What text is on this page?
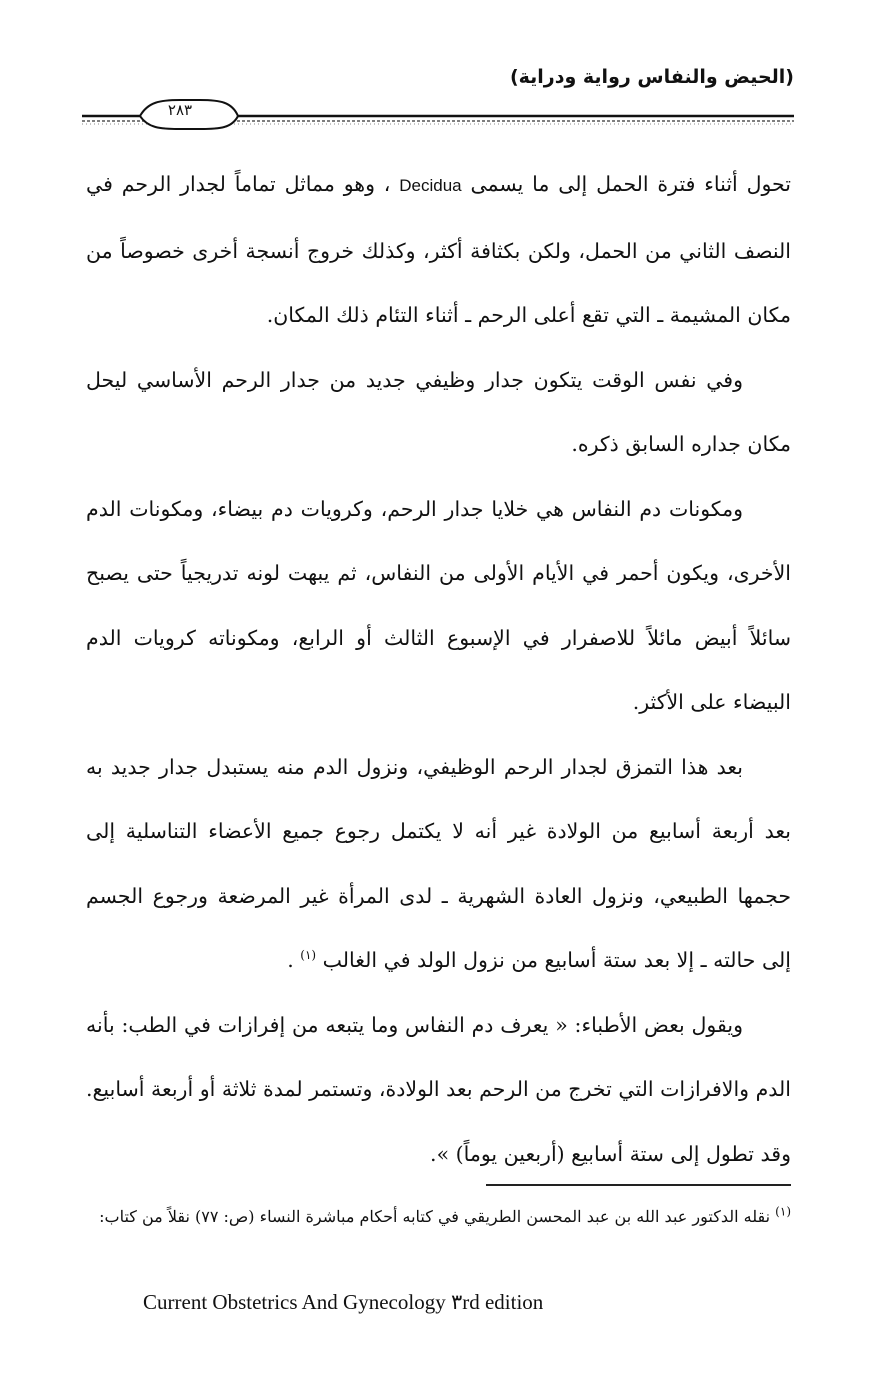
(الحيض والنفاس رواية ودراية)
٢٨٣

تحول أثناء فترة الحمل إلى ما يسمى Decidua ، وهو مماثل تماماً لجدار الرحم في النصف الثاني من الحمل، ولكن بكثافة أكثر، وكذلك خروج أنسجة أخرى خصوصاً من مكان المشيمة ـ التي تقع أعلى الرحم ـ أثناء التئام ذلك المكان.

وفي نفس الوقت يتكون جدار وظيفي جديد من جدار الرحم الأساسي ليحل مكان جداره السابق ذكره.

ومكونات دم النفاس هي خلايا جدار الرحم، وكرويات دم بيضاء، ومكونات الدم الأخرى، ويكون أحمر في الأيام الأولى من النفاس، ثم يبهت لونه تدريجياً حتى يصبح سائلاً أبيض مائلاً للاصفرار في الإسبوع الثالث أو الرابع، ومكوناته كرويات الدم البيضاء على الأكثر.

بعد هذا التمزق لجدار الرحم الوظيفي، ونزول الدم منه يستبدل جدار جديد به بعد أربعة أسابيع من الولادة غير أنه لا يكتمل رجوع جميع الأعضاء التناسلية إلى حجمها الطبيعي، ونزول العادة الشهرية ـ لدى المرأة غير المرضعة ورجوع الجسم إلى حالته ـ إلا بعد ستة أسابيع من نزول الولد في الغالب $^{(١)}$ .

ويقول بعض الأطباء: « يعرف دم النفاس وما يتبعه من إفرازات في الطب: بأنه الدم والافرازات التي تخرج من الرحم بعد الولادة، وتستمر لمدة ثلاثة أو أربعة أسابيع. وقد تطول إلى ستة أسابيع (أربعين يوماً) ».

$^{(١)}$ نقله الدكتور عبد الله بن عبد المحسن الطريقي في كتابه أحكام مباشرة النساء (ص: ٧٧) نقلاً من كتاب:

Current Obstetrics And Gynecology ٣rd edition
